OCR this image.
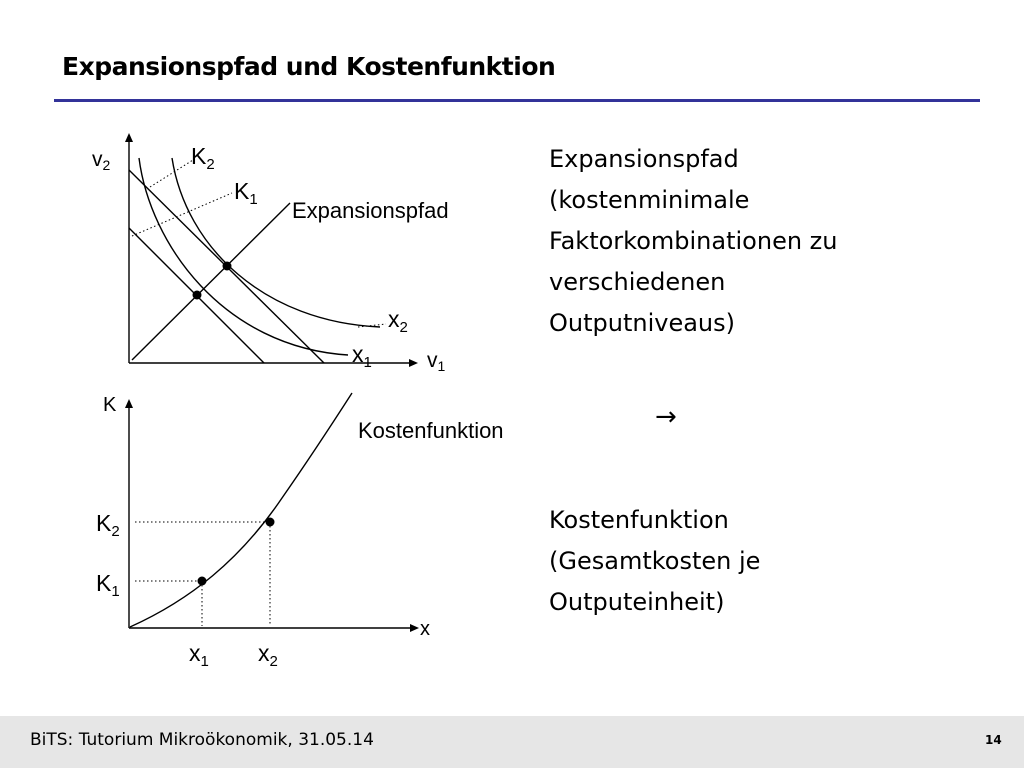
Expansionspfad und Kostenfunktion
v2
v1
$K_2$
$K_1$ Expansionspfad
$x_2$
$x_1$
K
x
Kostenfunktion
$K_2$
$K_1$
$x_1$ $x_2$
Expansionspfad
(kostenminimale
Faktorkombinationen zu
verschiedenen
Outputniveaus)
→
Kostenfunktion
(Gesamtkosten je
Outputeinheit)
BiTS: Tutorium Mikroökonomik, 31.05.14	14
